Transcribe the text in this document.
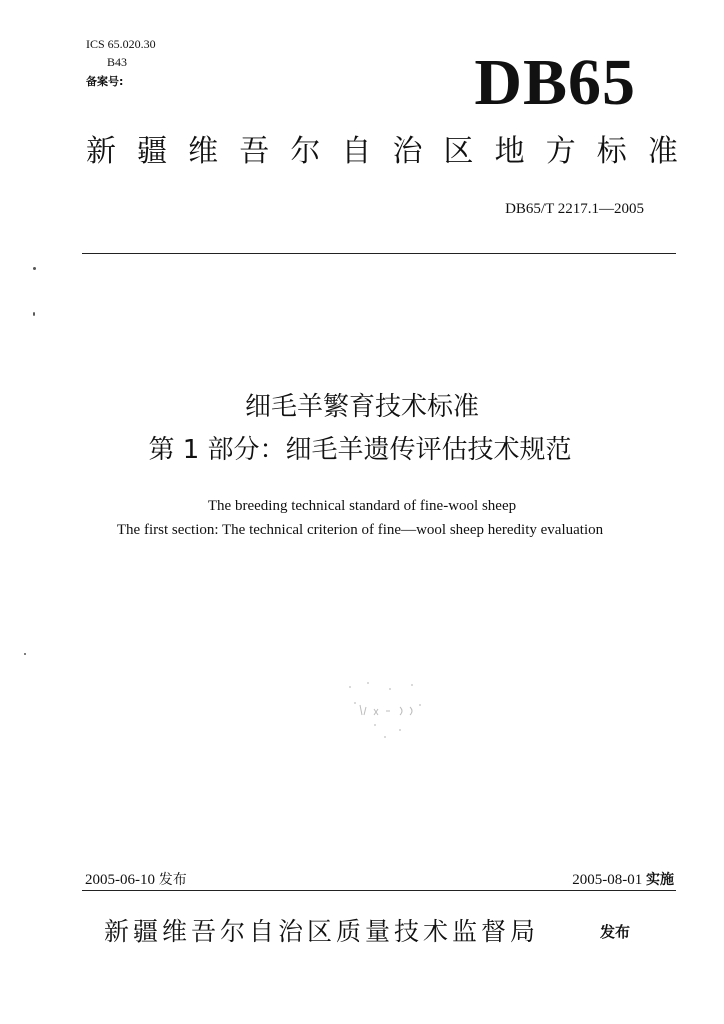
ICS 65.020.30
B43
备案号:	DB65
新 疆 维 吾 尔 自 治 区 地 方 标 准
DB65/T 2217.1—2005
细毛羊繁育技术标准
第 1 部分：细毛羊遗传评估技术规范
The breeding technical standard of fine-wool sheep
The first section: The technical criterion of fine—wool sheep heredity evaluation
2005-06-10 发布	2005-08-01 实施
新疆维吾尔自治区质量技术监督局	发布
